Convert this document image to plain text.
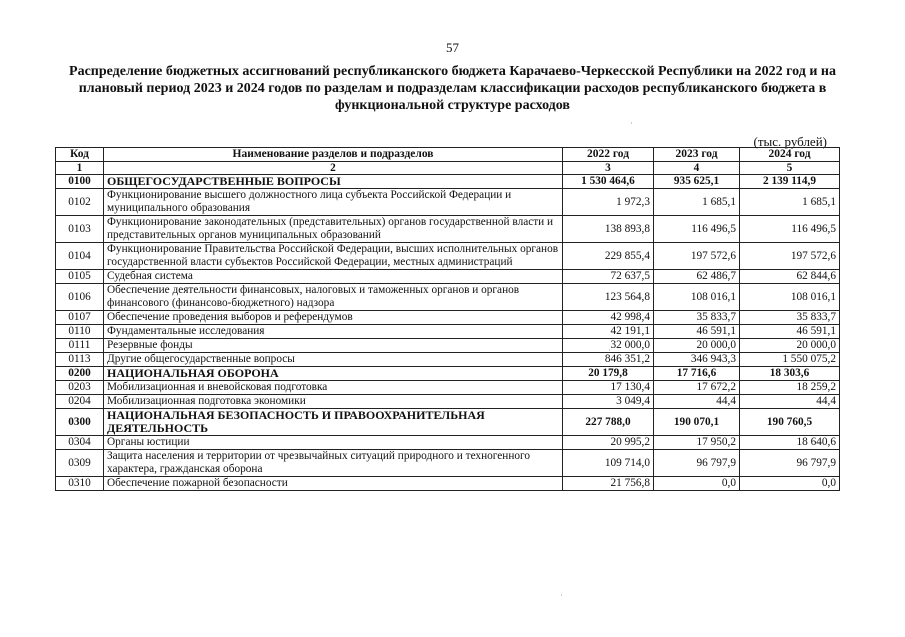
57
Распределение бюджетных ассигнований республиканского бюджета Карачаево-Черкесской Республики на 2022 год и на плановый период 2023 и 2024 годов по разделам и подразделам классификации расходов республиканского бюджета в функциональной структуре расходов
(тыс. рублей)
Код	Наименование разделов и подразделов	2022 год	2023 год	2024 год
1	2	3	4	5
0100	ОБЩЕГОСУДАРСТВЕННЫЕ ВОПРОСЫ	1 530 464,6	935 625,1	2 139 114,9
0102	Функционирование высшего должностного лица субъекта Российской Федерации и муниципального образования	1 972,3	1 685,1	1 685,1
0103	Функционирование законодательных (представительных) органов государственной власти и представительных органов муниципальных образований	138 893,8	116 496,5	116 496,5
0104	Функционирование Правительства Российской Федерации, высших исполнительных органов государственной власти субъектов Российской Федерации, местных администраций	229 855,4	197 572,6	197 572,6
0105	Судебная система	72 637,5	62 486,7	62 844,6
0106	Обеспечение деятельности финансовых, налоговых и таможенных органов и органов финансового (финансово-бюджетного) надзора	123 564,8	108 016,1	108 016,1
0107	Обеспечение проведения выборов и референдумов	42 998,4	35 833,7	35 833,7
0110	Фундаментальные исследования	42 191,1	46 591,1	46 591,1
0111	Резервные фонды	32 000,0	20 000,0	20 000,0
0113	Другие общегосударственные вопросы	846 351,2	346 943,3	1 550 075,2
0200	НАЦИОНАЛЬНАЯ ОБОРОНА	20 179,8	17 716,6	18 303,6
0203	Мобилизационная и вневойсковая подготовка	17 130,4	17 672,2	18 259,2
0204	Мобилизационная подготовка экономики	3 049,4	44,4	44,4
0300	НАЦИОНАЛЬНАЯ БЕЗОПАСНОСТЬ И ПРАВООХРАНИТЕЛЬНАЯ ДЕЯТЕЛЬНОСТЬ	227 788,0	190 070,1	190 760,5
0304	Органы юстиции	20 995,2	17 950,2	18 640,6
0309	Защита населения и территории от чрезвычайных ситуаций природного и техногенного характера, гражданская оборона	109 714,0	96 797,9	96 797,9
0310	Обеспечение пожарной безопасности	21 756,8	0,0	0,0
·
·
·
